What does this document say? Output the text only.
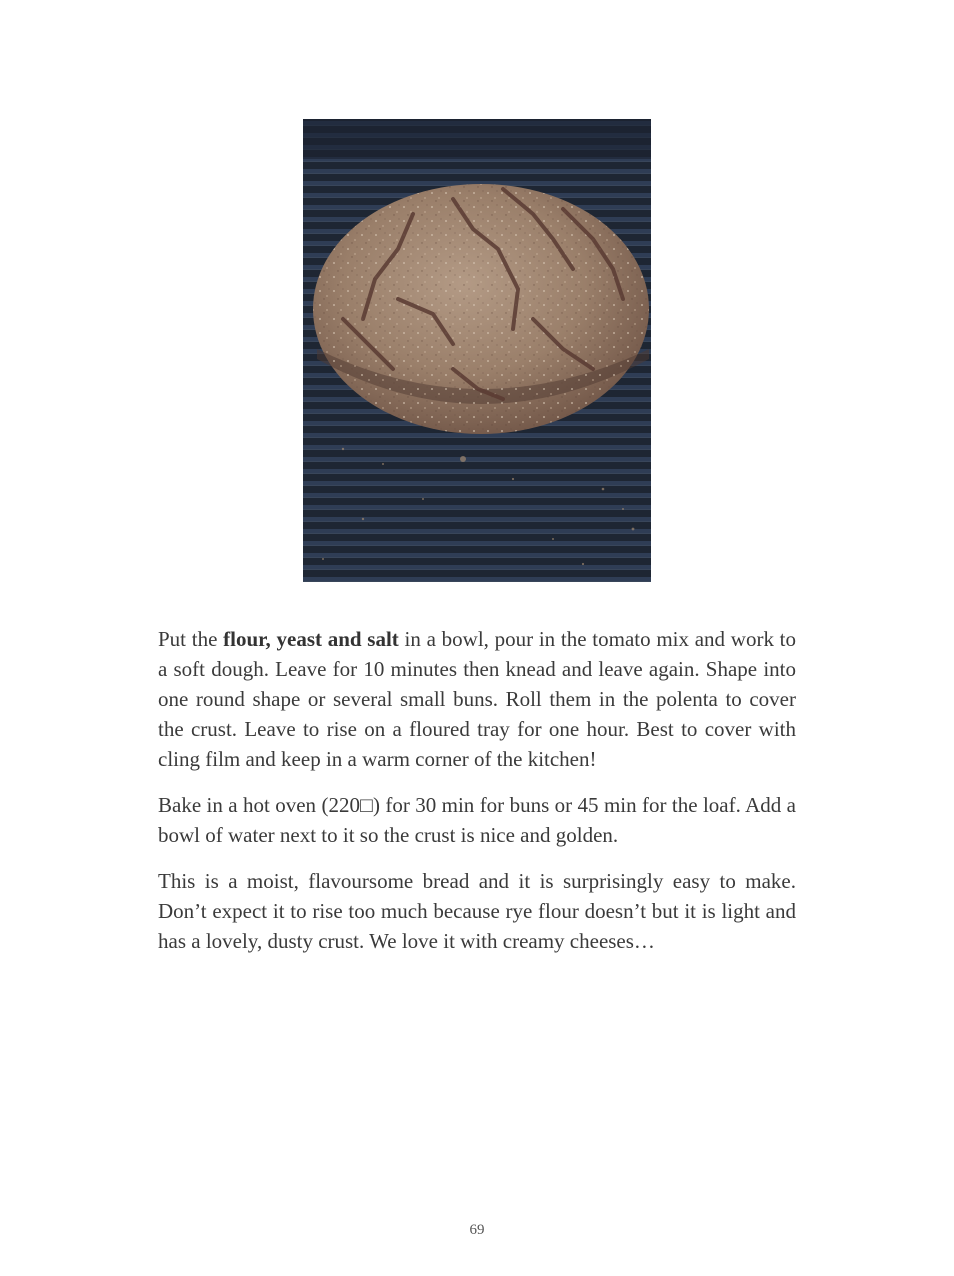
Put the flour, yeast and salt in a bowl, pour in the tomato mix and work to a soft dough. Leave for 10 minutes then knead and leave again. Shape into one round shape or several small buns. Roll them in the polenta to cover the crust. Leave to rise on a floured tray for one hour. Best to cover with cling film and keep in a warm corner of the kitchen!

Bake in a hot oven (220□) for 30 min for buns or 45 min for the loaf. Add a bowl of water next to it so the crust is nice and golden.

This is a moist, flavoursome bread and it is surprisingly easy to make. Don’t expect it to rise too much because rye flour doesn’t but it is light and has a lovely, dusty crust. We love it with creamy cheeses…

69
